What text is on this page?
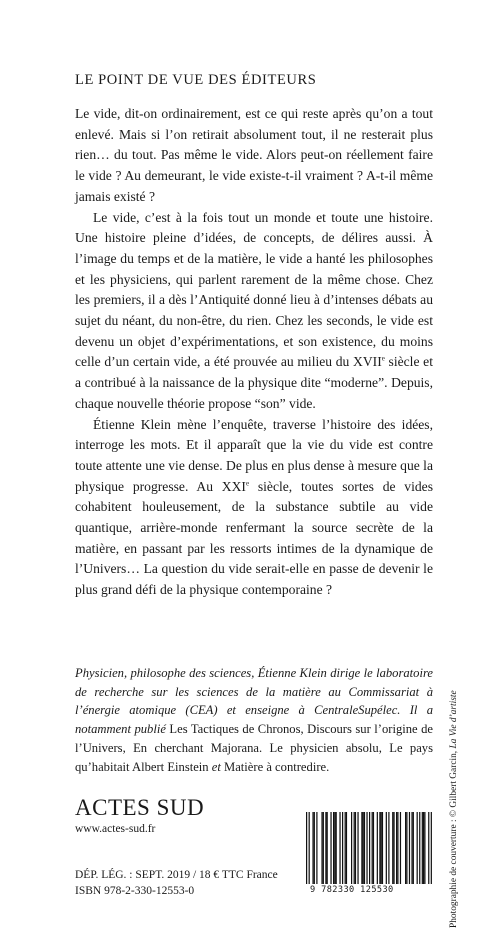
LE POINT DE VUE DES ÉDITEURS

Le vide, dit-on ordinairement, est ce qui reste après qu’on a tout enlevé. Mais si l’on retirait absolument tout, il ne resterait plus rien… du tout. Pas même le vide. Alors peut-on réellement faire le vide ? Au demeurant, le vide existe-t-il vraiment ? A-t-il même jamais existé ?

Le vide, c’est à la fois tout un monde et toute une histoire. Une histoire pleine d’idées, de concepts, de délires aussi. À l’image du temps et de la matière, le vide a hanté les philosophes et les physiciens, qui parlent rarement de la même chose. Chez les premiers, il a dès l’Antiquité donné lieu à d’intenses débats au sujet du néant, du non-être, du rien. Chez les seconds, le vide est devenu un objet d’expérimentations, et son existence, du moins celle d’un certain vide, a été prouvée au milieu du XVIIe siècle et a contribué à la naissance de la physique dite “moderne”. Depuis, chaque nouvelle théorie propose “son” vide.

Étienne Klein mène l’enquête, traverse l’histoire des idées, interroge les mots. Et il apparaît que la vie du vide est contre toute attente une vie dense. De plus en plus dense à mesure que la physique progresse. Au XXIe siècle, toutes sortes de vides cohabitent houleusement, de la substance subtile au vide quantique, arrière-monde renfermant la source secrète de la matière, en passant par les ressorts intimes de la dynamique de l’Univers… La question du vide serait-elle en passe de devenir le plus grand défi de la physique contemporaine ?

Physicien, philosophe des sciences, Étienne Klein dirige le laboratoire de recherche sur les sciences de la matière au Commissariat à l’énergie atomique (CEA) et enseigne à CentraleSupélec. Il a notamment publié Les Tactiques de Chronos, Discours sur l’origine de l’Univers, En cherchant Majorana. Le physicien absolu, Le pays qu’habitait Albert Einstein et Matière à contredire.
ACTES SUD
www.actes-sud.fr
DÉP. LÉG. : SEPT. 2019 / 18 € TTC France
ISBN 978-2-330-12553-0	9 782330 125530	Photographie de couverture : © Gilbert Garcin, La Vie d’artiste
